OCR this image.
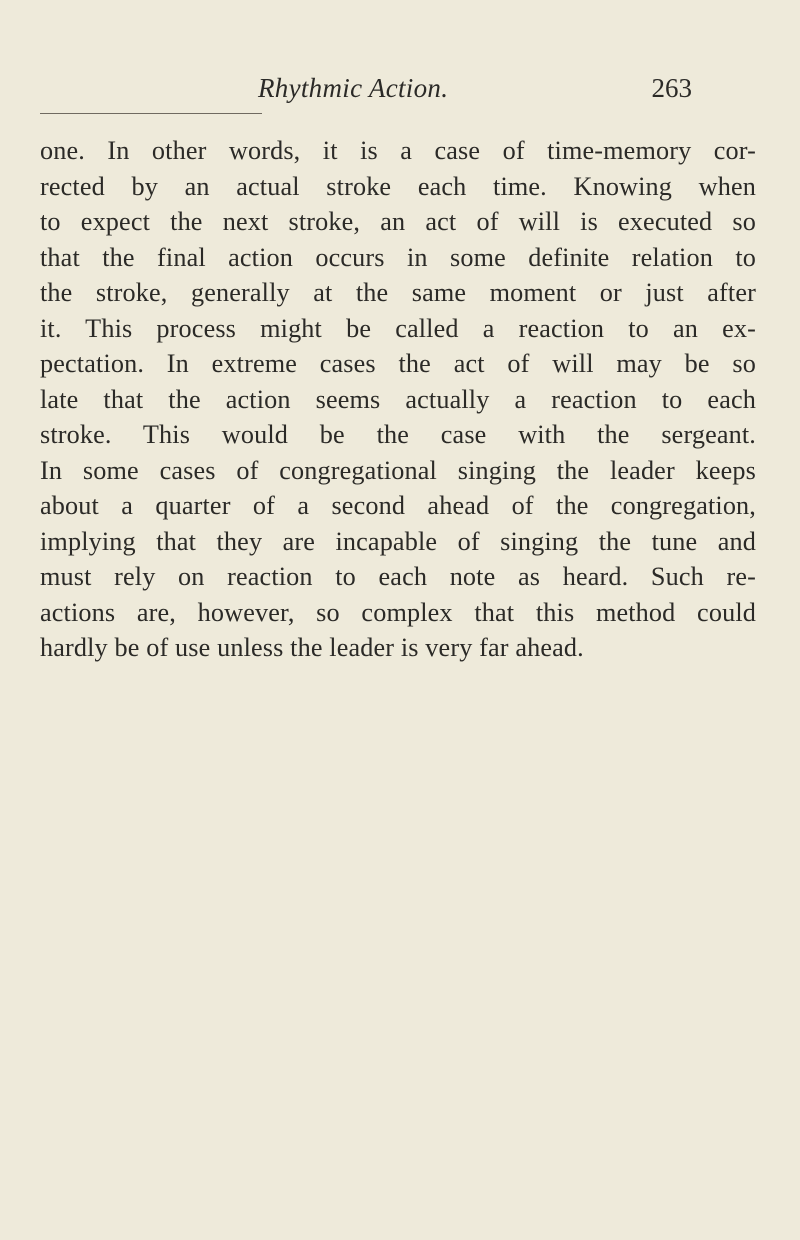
Rhythmic Action.	263

one. In other words, it is a case of time-memory cor-
rected by an actual stroke each time. Knowing when
to expect the next stroke, an act of will is executed so
that the final action occurs in some definite relation to
the stroke, generally at the same moment or just after
it. This process might be called a reaction to an ex-
pectation. In extreme cases the act of will may be so
late that the action seems actually a reaction to each
stroke. This would be the case with the sergeant.
In some cases of congregational singing the leader keeps
about a quarter of a second ahead of the congregation,
implying that they are incapable of singing the tune and
must rely on reaction to each note as heard. Such re-
actions are, however, so complex that this method could
hardly be of use unless the leader is very far ahead.
